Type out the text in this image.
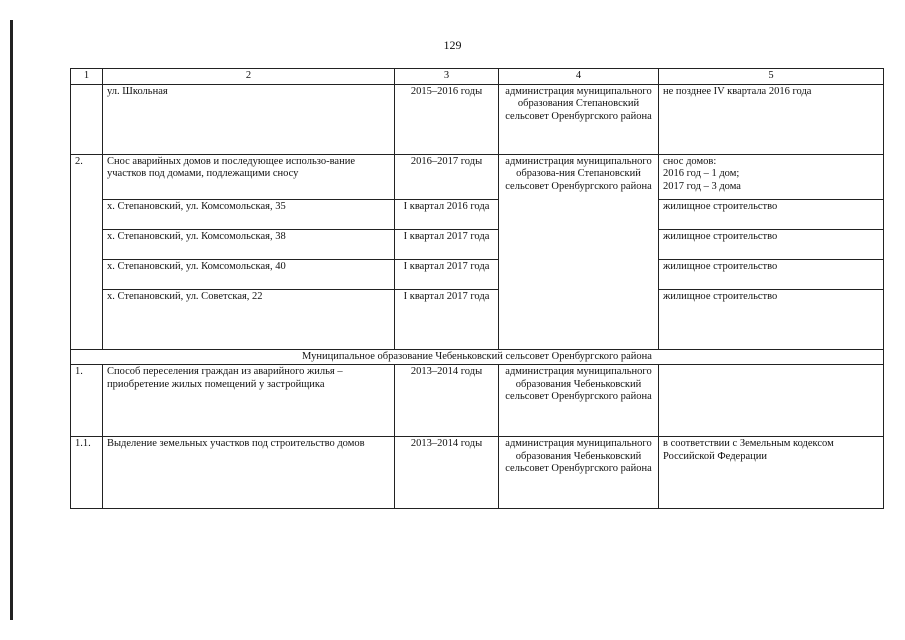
129
1	2	3	4	5
	ул. Школьная	2015–2016 годы	администрация муниципального образования Степановский сельсовет Оренбургского района	не позднее IV квартала 2016 года
2.	Снос аварийных домов и последующее использо-вание участков под домами, подлежащими сносу	2016–2017 годы	администрация муниципального образова-ния Степановский сельсовет Оренбургского района	снос домов:
2016 год – 1 дом;
2017 год – 3 дома

	х. Степановский, ул. Комсомольская, 35	I квартал 2016 года		жилищное строительство
	х. Степановский, ул. Комсомольская, 38	I квартал 2017 года		жилищное строительство
	х. Степановский, ул. Комсомольская, 40	I квартал 2017 года		жилищное строительство
	х. Степановский, ул. Советская, 22	I квартал 2017 года		жилищное строительство
Муниципальное образование Чебеньковский сельсовет Оренбургского района				
1.	Способ переселения граждан из аварийного жилья – приобретение жилых помещений у застройщика	2013–2014 годы	администрация муниципального образования Чебеньковский сельсовет Оренбургского района	
1.1.	Выделение земельных участков под строительство домов	2013–2014 годы	администрация муниципального образования Чебеньковский сельсовет Оренбургского района	в соответствии с Земельным кодексом Российской Федерации
